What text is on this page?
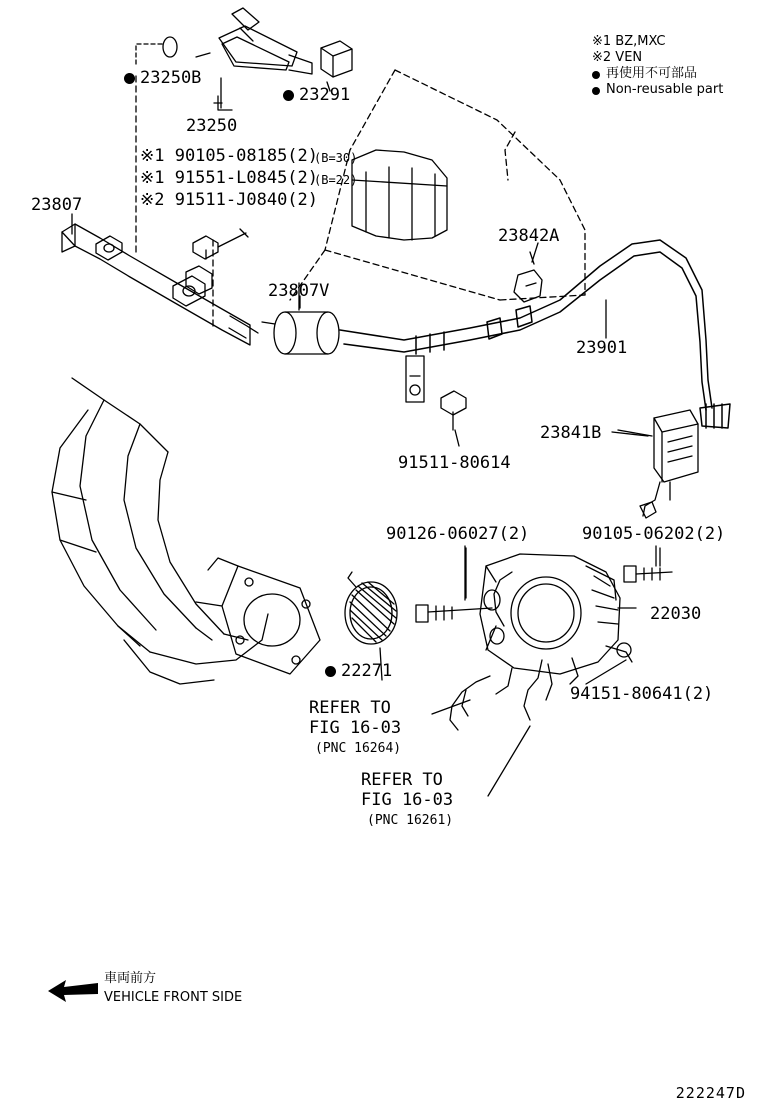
※1 BZ,MXC
※2 VEN
再使用不可部品
Non-reusable part
23250B
23291
23250
※1 90105-08185(2)
(B=30)
※1 91551-L0845(2)
(B=22)
※2 91511-J0840(2)
23807
23807V
23842A
23901
23841B
91511-80614
90126-06027(2)	90105-06202(2)
22030
22271
94151-80641(2)
REFER TO
FIG 16-03
(PNC 16264)
REFER TO
FIG 16-03
(PNC 16261)
車両前方
VEHICLE FRONT SIDE
222247D
